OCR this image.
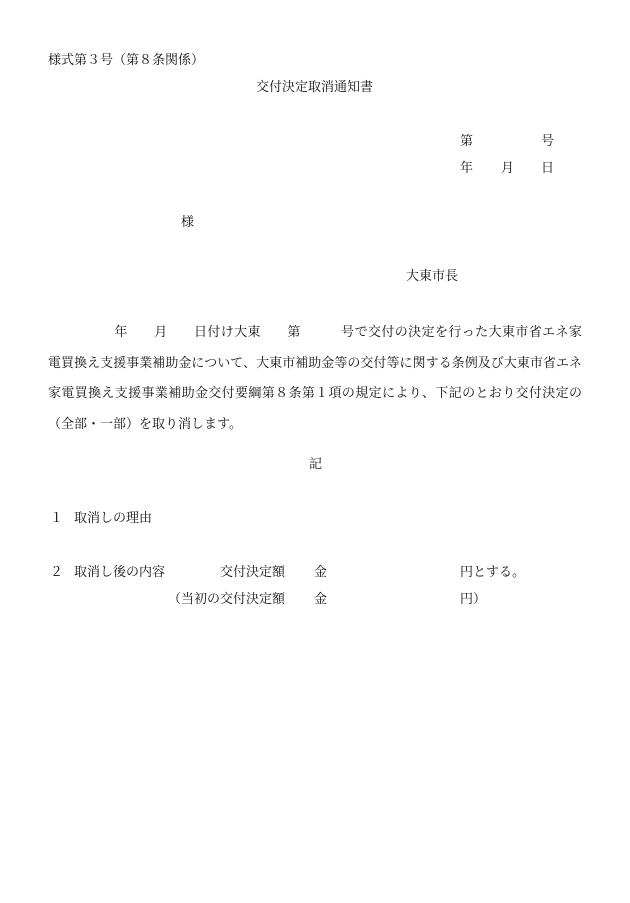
様式第３号（第８条関係）
交付決定取消通知書
第	号
年 月 日
様
大東市長
年 月 日付け大東 第	号で交付の決定を行った大東市省エネ家電買換え支援事業補助金について、大東市補助金等の交付等に関する条例及び大東市省エネ家電買換え支援事業補助金交付要綱第８条第１項の規定により、下記のとおり交付決定の（全部・一部）を取り消します。
記
１ 取消しの理由
２ 取消し後の内容	交付決定額 金	円とする。
（当初の交付決定額 金	円）
